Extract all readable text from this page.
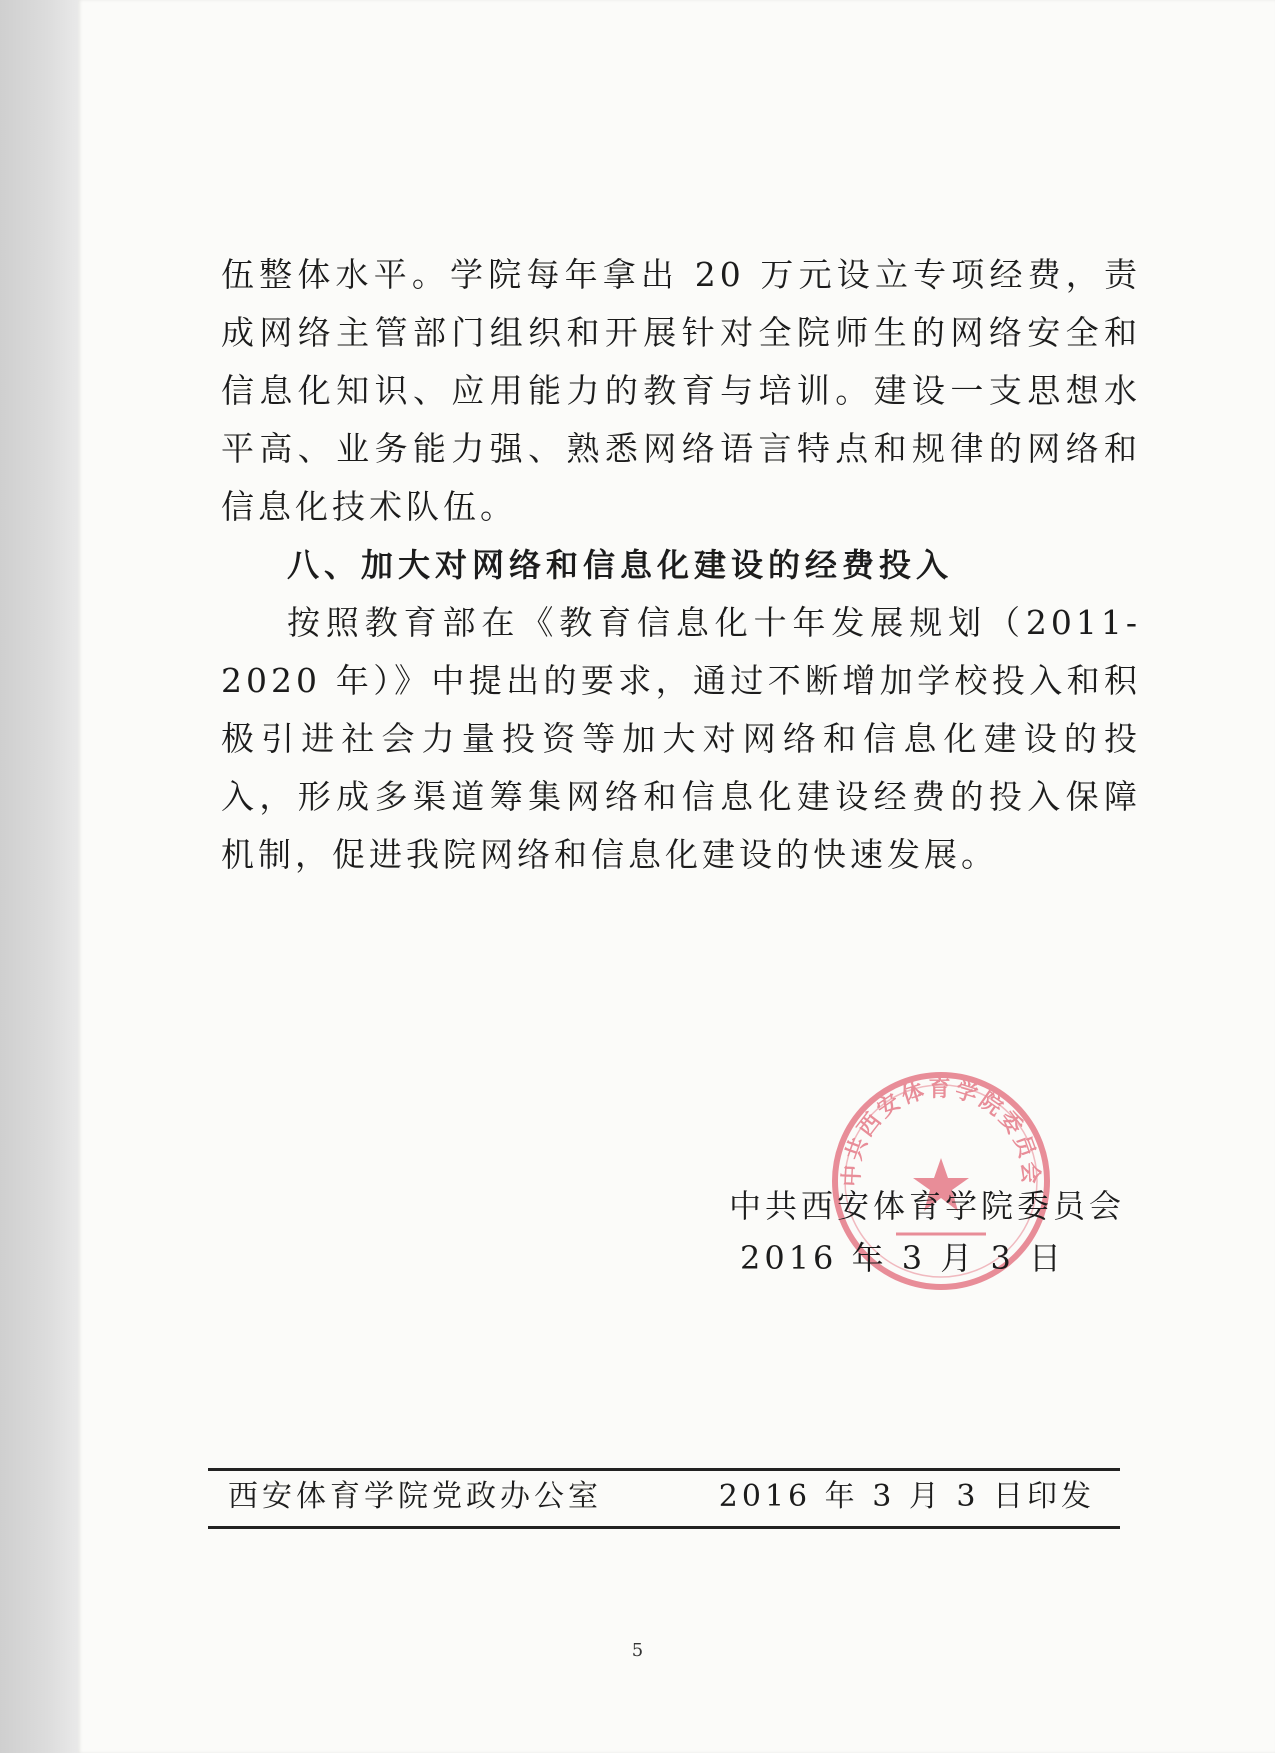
伍整体水平。学院每年拿出 20 万元设立专项经费，责成网络主管部门组织和开展针对全院师生的网络安全和信息化知识、应用能力的教育与培训。建设一支思想水平高、业务能力强、熟悉网络语言特点和规律的网络和信息化技术队伍。

八、加大对网络和信息化建设的经费投入

按照教育部在《教育信息化十年发展规划（2011-2020 年）》中提出的要求，通过不断增加学校投入和积极引进社会力量投资等加大对网络和信息化建设的投入，形成多渠道筹集网络和信息化建设经费的投入保障机制，促进我院网络和信息化建设的快速发展。

中共西安体育学院委员会
中共西安体育学院委员会
2016 年 3 月 3 日
西安体育学院党政办公室	2016 年 3 月 3 日印发
5
